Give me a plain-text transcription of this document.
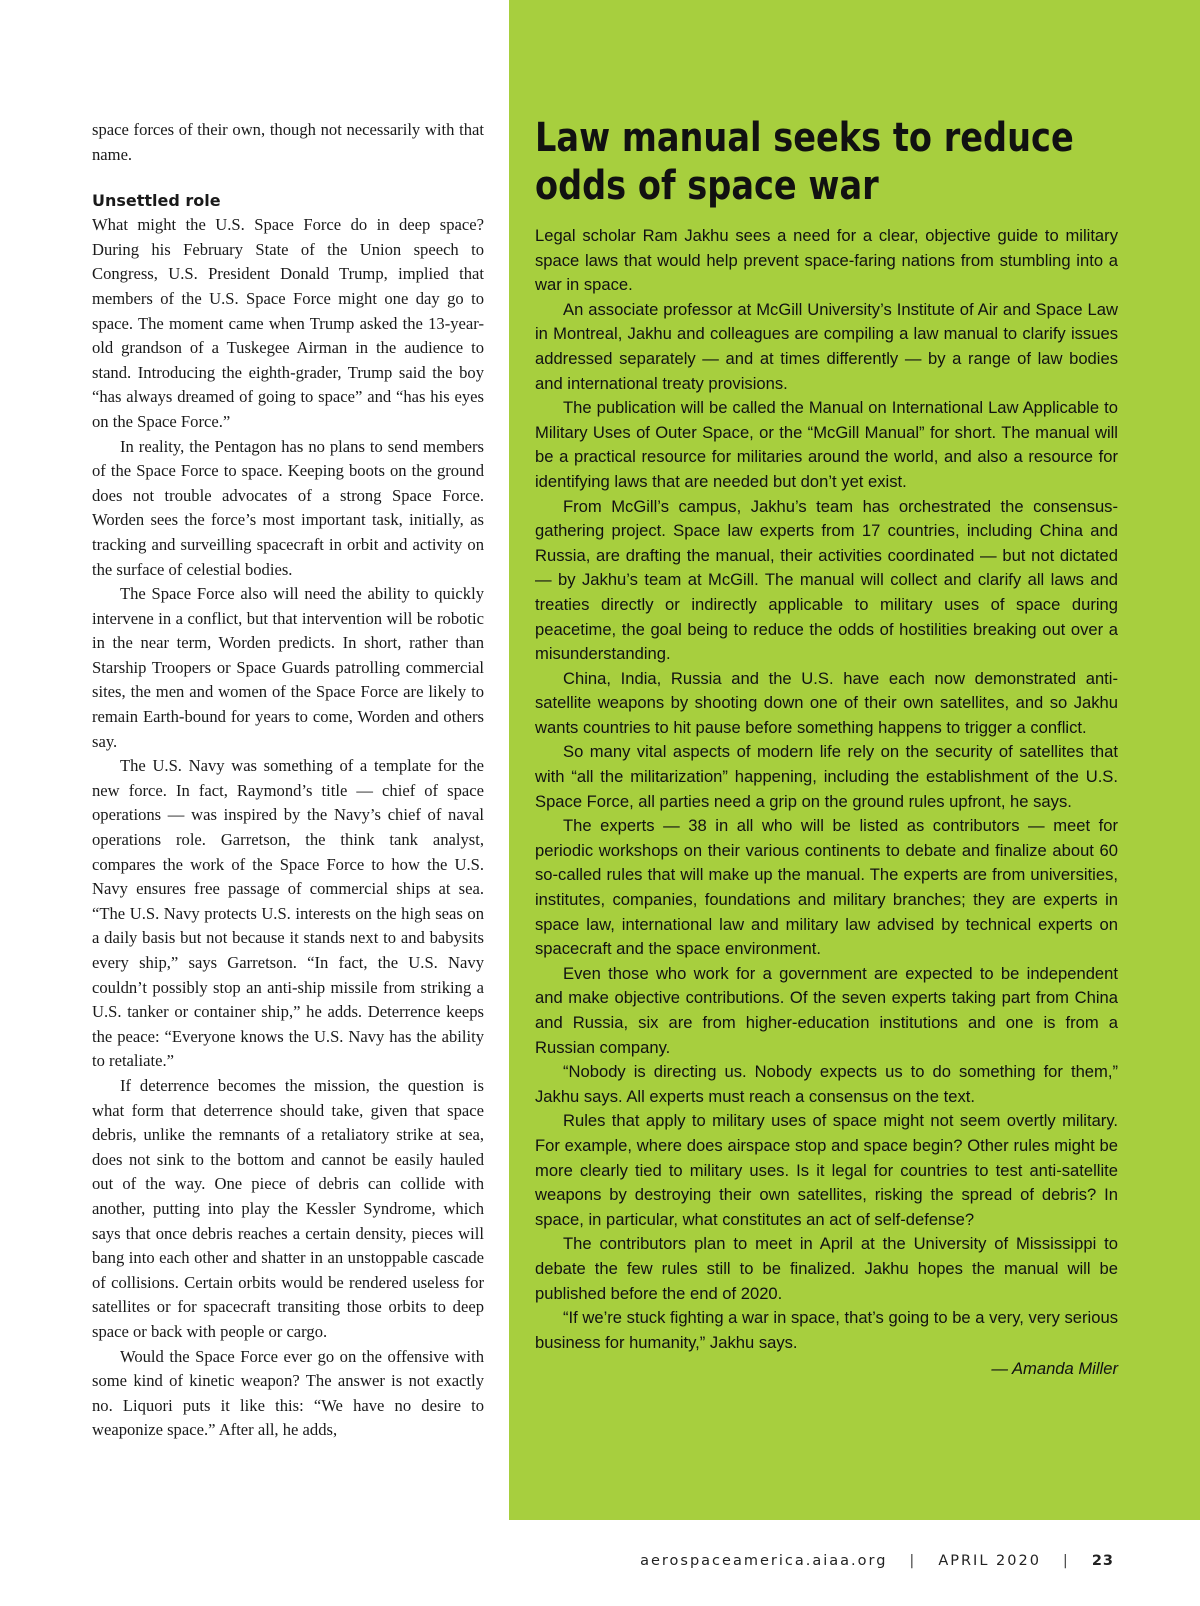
space forces of their own, though not necessarily with that name.

Unsettled role

What might the U.S. Space Force do in deep space? During his February State of the Union speech to Congress, U.S. President Donald Trump, implied that members of the U.S. Space Force might one day go to space. The moment came when Trump asked the 13-year-old grandson of a Tuskegee Airman in the audience to stand. Introducing the eighth-grader, Trump said the boy “has always dreamed of going to space” and “has his eyes on the Space Force.”

In reality, the Pentagon has no plans to send members of the Space Force to space. Keeping boots on the ground does not trouble advocates of a strong Space Force. Worden sees the force’s most important task, initially, as tracking and surveilling spacecraft in orbit and activity on the surface of celestial bodies.

The Space Force also will need the ability to quickly intervene in a conflict, but that intervention will be robotic in the near term, Worden predicts. In short, rather than Starship Troopers or Space Guards patrolling commercial sites, the men and women of the Space Force are likely to remain Earth-bound for years to come, Worden and others say.

The U.S. Navy was something of a template for the new force. In fact, Raymond’s title — chief of space operations — was inspired by the Navy’s chief of naval operations role. Garretson, the think tank analyst, compares the work of the Space Force to how the U.S. Navy ensures free passage of commercial ships at sea. “The U.S. Navy protects U.S. interests on the high seas on a daily basis but not because it stands next to and babysits every ship,” says Garretson. “In fact, the U.S. Navy couldn’t possibly stop an anti-ship missile from striking a U.S. tanker or container ship,” he adds. Deterrence keeps the peace: “Everyone knows the U.S. Navy has the ability to retaliate.”

If deterrence becomes the mission, the question is what form that deterrence should take, given that space debris, unlike the remnants of a retaliatory strike at sea, does not sink to the bottom and cannot be easily hauled out of the way. One piece of debris can collide with another, putting into play the Kessler Syndrome, which says that once debris reaches a certain density, pieces will bang into each other and shatter in an unstoppable cascade of collisions. Certain orbits would be rendered useless for satellites or for spacecraft transiting those orbits to deep space or back with people or cargo.

Would the Space Force ever go on the offensive with some kind of kinetic weapon? The answer is not exactly no. Liquori puts it like this: “We have no desire to weaponize space.” After all, he adds,

Law manual seeks to reduce odds of space war

Legal scholar Ram Jakhu sees a need for a clear, objective guide to military space laws that would help prevent space-faring nations from stumbling into a war in space.

An associate professor at McGill University’s Institute of Air and Space Law in Montreal, Jakhu and colleagues are compiling a law manual to clarify issues addressed separately — and at times differently — by a range of law bodies and international treaty provisions.

The publication will be called the Manual on International Law Applicable to Military Uses of Outer Space, or the “McGill Manual” for short. The manual will be a practical resource for militaries around the world, and also a resource for identifying laws that are needed but don’t yet exist.

From McGill’s campus, Jakhu’s team has orchestrated the consensus-gathering project. Space law experts from 17 countries, including China and Russia, are drafting the manual, their activities coordinated — but not dictated — by Jakhu’s team at McGill. The manual will collect and clarify all laws and treaties directly or indirectly applicable to military uses of space during peacetime, the goal being to reduce the odds of hostilities breaking out over a misunderstanding.

China, India, Russia and the U.S. have each now demonstrated anti-satellite weapons by shooting down one of their own satellites, and so Jakhu wants countries to hit pause before something happens to trigger a conflict.

So many vital aspects of modern life rely on the security of satellites that with “all the militarization” happening, including the establishment of the U.S. Space Force, all parties need a grip on the ground rules upfront, he says.

The experts — 38 in all who will be listed as contributors — meet for periodic workshops on their various continents to debate and finalize about 60 so-called rules that will make up the manual. The experts are from universities, institutes, companies, foundations and military branches; they are experts in space law, international law and military law advised by technical experts on spacecraft and the space environment.

Even those who work for a government are expected to be independent and make objective contributions. Of the seven experts taking part from China and Russia, six are from higher-education institutions and one is from a Russian company.

“Nobody is directing us. Nobody expects us to do something for them,” Jakhu says. All experts must reach a consensus on the text.

Rules that apply to military uses of space might not seem overtly military. For example, where does airspace stop and space begin? Other rules might be more clearly tied to military uses. Is it legal for countries to test anti-satellite weapons by destroying their own satellites, risking the spread of debris? In space, in particular, what constitutes an act of self-defense?

The contributors plan to meet in April at the University of Mississippi to debate the few rules still to be finalized. Jakhu hopes the manual will be published before the end of 2020.

“If we’re stuck fighting a war in space, that’s going to be a very, very serious business for humanity,” Jakhu says.

— Amanda Miller
aerospaceamerica.aiaa.org | APRIL 2020 | 23
